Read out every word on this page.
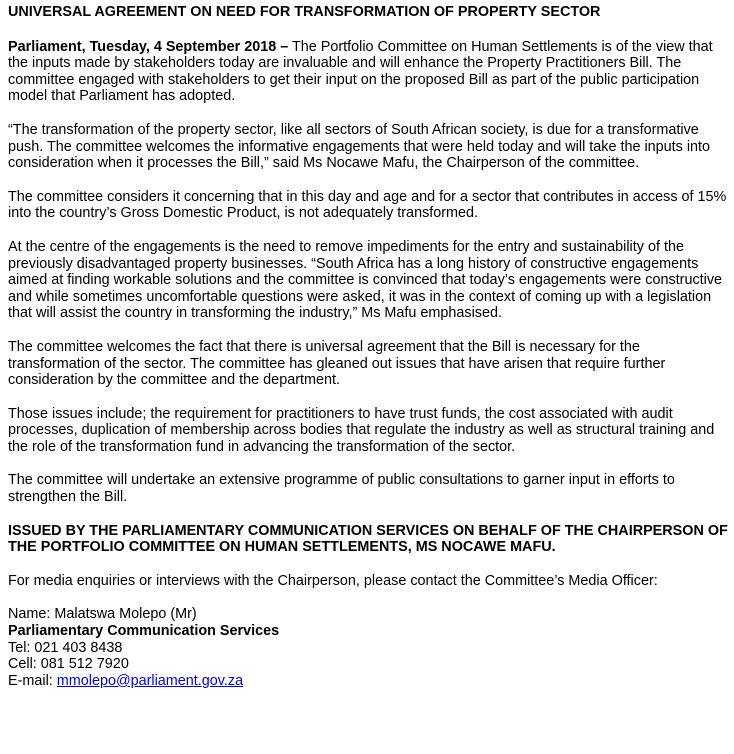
UNIVERSAL AGREEMENT ON NEED FOR TRANSFORMATION OF PROPERTY SECTOR

Parliament, Tuesday, 4 September 2018 – The Portfolio Committee on Human Settlements is of the view that the inputs made by stakeholders today are invaluable and will enhance the Property Practitioners Bill. The committee engaged with stakeholders to get their input on the proposed Bill as part of the public participation model that Parliament has adopted.

“The transformation of the property sector, like all sectors of South African society, is due for a transformative push. The committee welcomes the informative engagements that were held today and will take the inputs into consideration when it processes the Bill,” said Ms Nocawe Mafu, the Chairperson of the committee.

The committee considers it concerning that in this day and age and for a sector that contributes in access of 15% into the country’s Gross Domestic Product, is not adequately transformed.

At the centre of the engagements is the need to remove impediments for the entry and sustainability of the previously disadvantaged property businesses. “South Africa has a long history of constructive engagements aimed at finding workable solutions and the committee is convinced that today’s engagements were constructive and while sometimes uncomfortable questions were asked, it was in the context of coming up with a legislation that will assist the country in transforming the industry,” Ms Mafu emphasised.

The committee welcomes the fact that there is universal agreement that the Bill is necessary for the transformation of the sector. The committee has gleaned out issues that have arisen that require further consideration by the committee and the department.

Those issues include; the requirement for practitioners to have trust funds, the cost associated with audit processes, duplication of membership across bodies that regulate the industry as well as structural training and the role of the transformation fund in advancing the transformation of the sector.

The committee will undertake an extensive programme of public consultations to garner input in efforts to strengthen the Bill.

ISSUED BY THE PARLIAMENTARY COMMUNICATION SERVICES ON BEHALF OF THE CHAIRPERSON OF THE PORTFOLIO COMMITTEE ON HUMAN SETTLEMENTS, MS NOCAWE MAFU.

For media enquiries or interviews with the Chairperson, please contact the Committee’s Media Officer:

Name: Malatswa Molepo (Mr)

Parliamentary Communication Services

Tel: 021 403 8438

Cell: 081 512 7920

E-mail: mmolepo@parliament.gov.za
